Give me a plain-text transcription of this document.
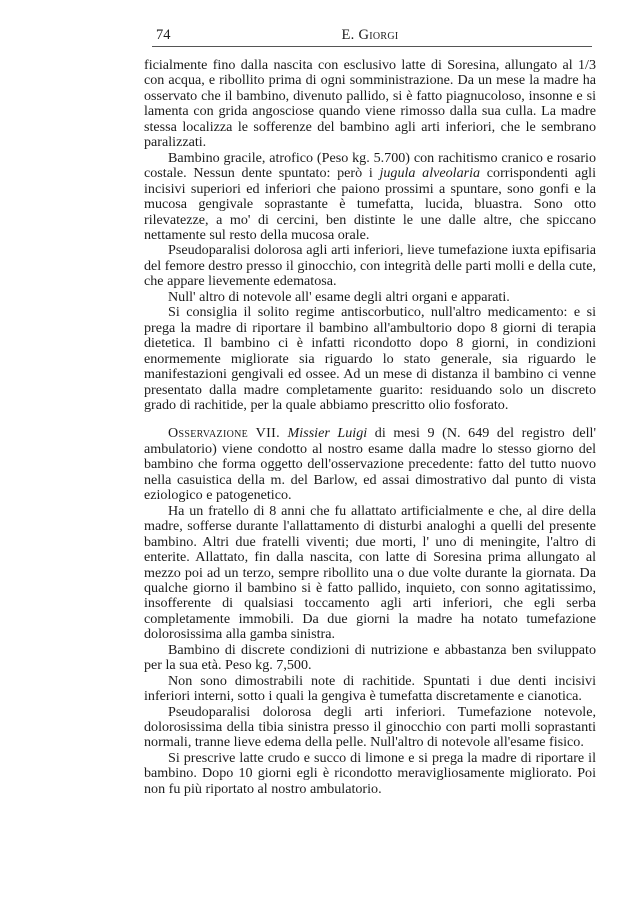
74	E. Giorgi

ficialmente fino dalla nascita con esclusivo latte di Soresina, allungato al 1/3 con acqua, e ribollito prima di ogni somministrazione. Da un mese la madre ha osservato che il bambino, divenuto pallido, si è fatto piagnucoloso, insonne e si lamenta con grida angosciose quando viene rimosso dalla sua culla. La madre stessa localizza le sofferenze del bambino agli arti inferiori, che le sembrano paralizzati.

Bambino gracile, atrofico (Peso kg. 5.700) con rachitismo cranico e rosario costale. Nessun dente spuntato: però i jugula alveolaria corrispondenti agli incisivi superiori ed inferiori che paiono prossimi a spuntare, sono gonfi e la mucosa gengivale soprastante è tumefatta, lucida, bluastra. Sono otto rilevatezze, a mo' di cercini, ben distinte le une dalle altre, che spiccano nettamente sul resto della mucosa orale.

Pseudoparalisi dolorosa agli arti inferiori, lieve tumefazione iuxta epifisaria del femore destro presso il ginocchio, con integrità delle parti molli e della cute, che appare lievemente edematosa.

Null' altro di notevole all' esame degli altri organi e apparati.

Si consiglia il solito regime antiscorbutico, null'altro medicamento: e si prega la madre di riportare il bambino all'ambultorio dopo 8 giorni di terapia dietetica. Il bambino ci è infatti ricondotto dopo 8 giorni, in condizioni enormemente migliorate sia riguardo lo stato generale, sia riguardo le manifestazioni gengivali ed ossee. Ad un mese di distanza il bambino ci venne presentato dalla madre completamente guarito: residuando solo un discreto grado di rachitide, per la quale abbiamo prescritto olio fosforato.

Osservazione VII. Missier Luigi di mesi 9 (N. 649 del registro dell' ambulatorio) viene condotto al nostro esame dalla madre lo stesso giorno del bambino che forma oggetto dell'osservazione precedente: fatto del tutto nuovo nella casuistica della m. del Barlow, ed assai dimostrativo dal punto di vista eziologico e patogenetico.

Ha un fratello di 8 anni che fu allattato artificialmente e che, al dire della madre, sofferse durante l'allattamento di disturbi analoghi a quelli del presente bambino. Altri due fratelli viventi; due morti, l' uno di meningite, l'altro di enterite. Allattato, fin dalla nascita, con latte di Soresina prima allungato al mezzo poi ad un terzo, sempre ribollito una o due volte durante la giornata. Da qualche giorno il bambino si è fatto pallido, inquieto, con sonno agitatissimo, insofferente di qualsiasi toccamento agli arti inferiori, che egli serba completamente immobili. Da due giorni la madre ha notato tumefazione dolorosissima alla gamba sinistra.

Bambino di discrete condizioni di nutrizione e abbastanza ben sviluppato per la sua età. Peso kg. 7,500.

Non sono dimostrabili note di rachitide. Spuntati i due denti incisivi inferiori interni, sotto i quali la gengiva è tumefatta discretamente e cianotica.

Pseudoparalisi dolorosa degli arti inferiori. Tumefazione notevole, dolorosissima della tibia sinistra presso il ginocchio con parti molli soprastanti normali, tranne lieve edema della pelle. Null'altro di notevole all'esame fisico.

Si prescrive latte crudo e succo di limone e si prega la madre di riportare il bambino. Dopo 10 giorni egli è ricondotto meravigliosamente migliorato. Poi non fu più riportato al nostro ambulatorio.
